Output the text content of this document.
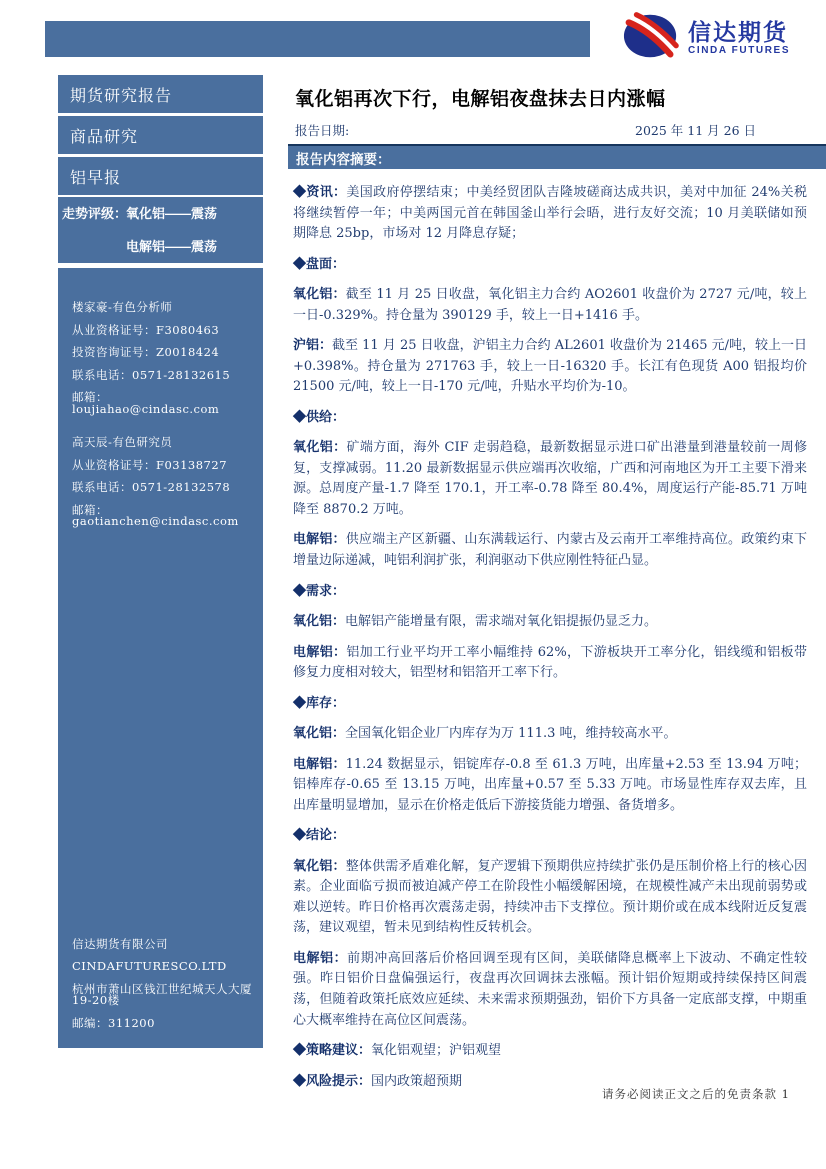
信达期货
CINDA FUTURES
期货研究报告
商品研究
铝早报
走势评级：
氧化铝——震荡
电解铝——震荡
楼家豪-有色分析师
从业资格证号：F3080463
投资咨询证号：Z0018424
联系电话：0571-28132615
邮箱：loujiahao@cindasc.com
高天辰-有色研究员
从业资格证号：F03138727
联系电话：0571-28132578
邮箱：gaotianchen@cindasc.com
信达期货有限公司
CINDAFUTURESCO.LTD
杭州市萧山区钱江世纪城天人大厦19-20楼
邮编：311200
氧化铝再次下行，电解铝夜盘抹去日内涨幅
报告日期:	2025 年 11 月 26 日
报告内容摘要：

◆资讯：美国政府停摆结束；中美经贸团队吉隆坡磋商达成共识，美对中加征 24%关税将继续暂停一年；中美两国元首在韩国釜山举行会晤，进行友好交流；10 月美联储如预期降息 25bp，市场对 12 月降息存疑；

◆盘面：

氧化铝：截至 11 月 25 日收盘，氧化铝主力合约 AO2601 收盘价为 2727 元/吨，较上一日-0.329%。持仓量为 390129 手，较上一日+1416 手。

沪铝：截至 11 月 25 日收盘，沪铝主力合约 AL2601 收盘价为 21465 元/吨，较上一日+0.398%。持仓量为 271763 手，较上一日-16320 手。长江有色现货 A00 铝报均价 21500 元/吨，较上一日-170 元/吨，升贴水平均价为-10。

◆供给：

氧化铝：矿端方面，海外 CIF 走弱趋稳，最新数据显示进口矿出港量到港量较前一周修复，支撑减弱。11.20 最新数据显示供应端再次收缩，广西和河南地区为开工主要下滑来源。总周度产量-1.7 降至 170.1，开工率-0.78 降至 80.4%，周度运行产能-85.71 万吨降至 8870.2 万吨。

电解铝：供应端主产区新疆、山东满载运行、内蒙古及云南开工率维持高位。政策约束下增量边际递减，吨铝利润扩张，利润驱动下供应刚性特征凸显。

◆需求：

氧化铝：电解铝产能增量有限，需求端对氧化铝提振仍显乏力。

电解铝：铝加工行业平均开工率小幅维持 62%，下游板块开工率分化，铝线缆和铝板带修复力度相对较大，铝型材和铝箔开工率下行。

◆库存：

氧化铝：全国氧化铝企业厂内库存为万 111.3 吨，维持较高水平。

电解铝：11.24 数据显示，铝锭库存-0.8 至 61.3 万吨，出库量+2.53 至 13.94 万吨；铝棒库存-0.65 至 13.15 万吨，出库量+0.57 至 5.33 万吨。市场显性库存双去库，且出库量明显增加，显示在价格走低后下游接货能力增强、备货增多。

◆结论：

氧化铝：整体供需矛盾难化解，复产逻辑下预期供应持续扩张仍是压制价格上行的核心因素。企业面临亏损而被迫减产停工在阶段性小幅缓解困境，在规模性减产未出现前弱势或难以逆转。昨日价格再次震荡走弱，持续冲击下支撑位。预计期价或在成本线附近反复震荡，建议观望，暂未见到结构性反转机会。

电解铝：前期冲高回落后价格回调至现有区间，美联储降息概率上下波动、不确定性较强。昨日铝价日盘偏强运行，夜盘再次回调抹去涨幅。预计铝价短期或持续保持区间震荡，但随着政策托底效应延续、未来需求预期强劲，铝价下方具备一定底部支撑，中期重心大概率维持在高位区间震荡。

◆策略建议：氧化铝观望；沪铝观望

◆风险提示：国内政策超预期

请务必阅读正文之后的免责条款 1
